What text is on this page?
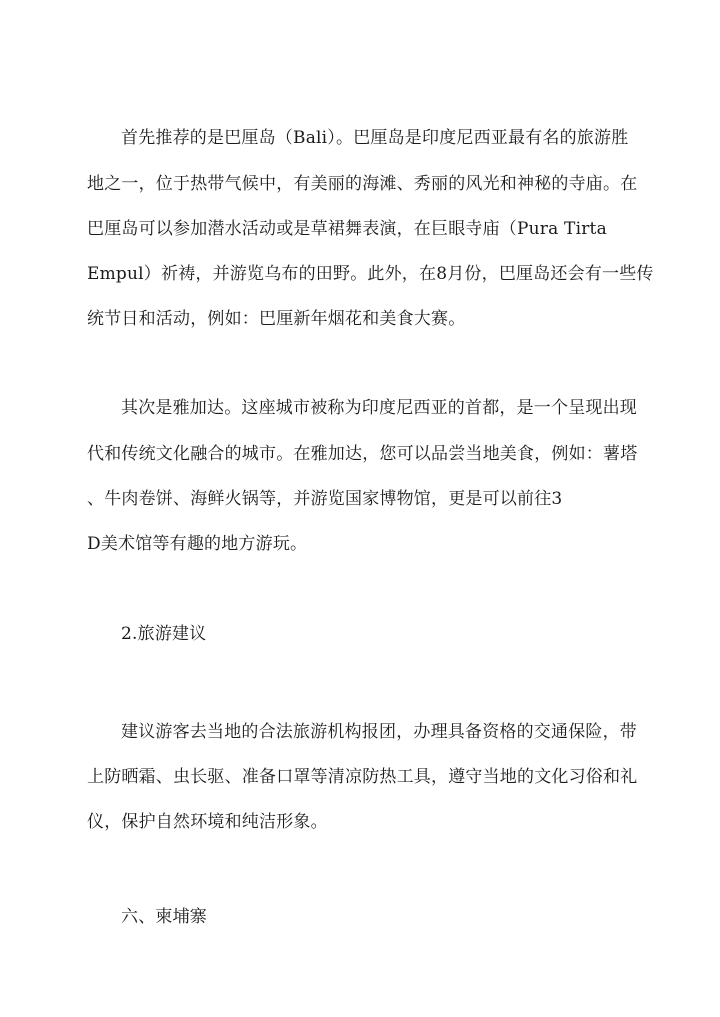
首先推荐的是巴厘岛（Bali）。巴厘岛是印度尼西亚最有名的旅游胜
地之一，位于热带气候中，有美丽的海滩、秀丽的风光和神秘的寺庙。在
巴厘岛可以参加潜水活动或是草裙舞表演，在巨眼寺庙（Pura Tirta
Empul）祈祷，并游览乌布的田野。此外，在8月份，巴厘岛还会有一些传
统节日和活动，例如：巴厘新年烟花和美食大赛。
其次是雅加达。这座城市被称为印度尼西亚的首都，是一个呈现出现
代和传统文化融合的城市。在雅加达，您可以品尝当地美食，例如：薯塔
、牛肉卷饼、海鲜火锅等，并游览国家博物馆，更是可以前往3
D美术馆等有趣的地方游玩。
2.旅游建议
建议游客去当地的合法旅游机构报团，办理具备资格的交通保险，带
上防晒霜、虫长驱、准备口罩等清凉防热工具，遵守当地的文化习俗和礼
仪，保护自然环境和纯洁形象。
六、柬埔寨
